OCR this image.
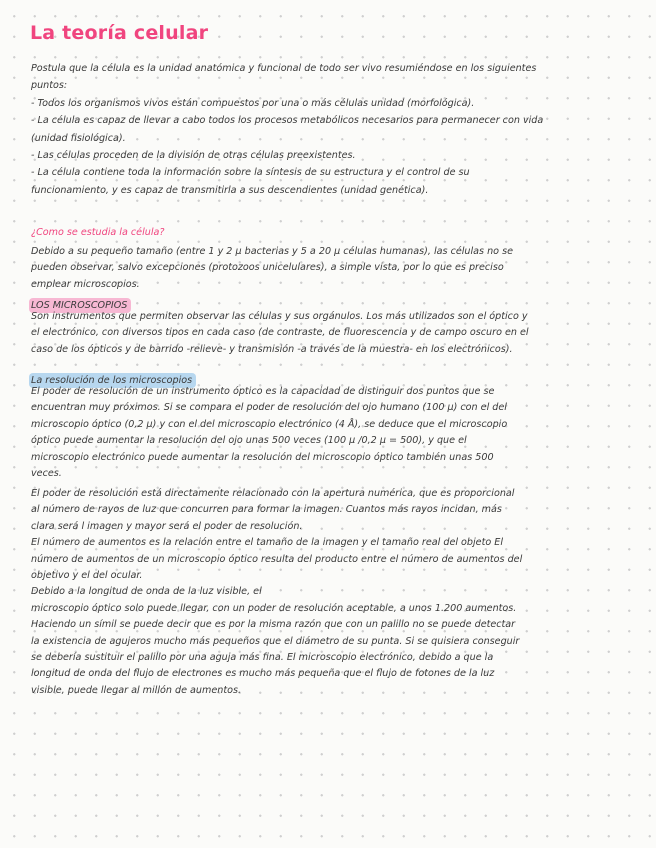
La teoría celular

Postula que la célula es la unidad anatómica y funcional de todo ser vivo resumiéndose en los siguientes

puntos:

- Todos los organismos vivos están compuestos por una o más células unidad (morfológica).

- La célula es capaz de llevar a cabo todos los procesos metabólicos necesarios para permanecer con vida

(unidad fisiológica).

- Las células proceden de la división de otras células preexistentes.

- La célula contiene toda la información sobre la síntesis de su estructura y el control de su

funcionamiento, y es capaz de transmitirla a sus descendientes (unidad genética).

¿Como se estudia la célula?

Debido a su pequeño tamaño (entre 1 y 2 µ bacterias y 5 a 20 µ células humanas), las células no se

pueden observar, salvo excepciones (protozoos unicelulares), a simple vista, por lo que es preciso

emplear microscopios.

LOS MICROSCOPIOS

Son instrumentos que permiten observar las células y sus orgánulos. Los más utilizados son el óptico y

el electrónico, con diversos tipos en cada caso (de contraste, de fluorescencia y de campo oscuro en el

caso de los ópticos y de barrido -relieve- y transmisión -a través de la muestra- en los electrónicos).

La resolución de los microscopios

El poder de resolución de un instrumento óptico es la capacidad de distinguir dos puntos que se

encuentran muy próximos. Si se compara el poder de resolución del ojo humano (100 µ) con el del

microscopio óptico (0,2 µ) y con el del microscopio electrónico (4 Å), se deduce que el microscopio

óptico puede aumentar la resolución del ojo unas 500 veces (100 µ /0,2 µ = 500), y que el

microscopio electrónico puede aumentar la resolución del microscopio óptico también unas 500

veces.

El poder de resolución está directamente relacionado con la apertura numérica, que es proporcional

al número de rayos de luz que concurren para formar la imagen. Cuantos más rayos incidan, más

clara será l imagen y mayor será el poder de resolución.

El número de aumentos es la relación entre el tamaño de la imagen y el tamaño real del objeto El

número de aumentos de un microscopio óptico resulta del producto entre el número de aumentos del

objetivo y el del ocular.

Debido a la longitud de onda de la luz visible, el

microscopio óptico solo puede llegar, con un poder de resolución aceptable, a unos 1.200 aumentos.

Haciendo un símil se puede decir que es por la misma razón que con un palillo no se puede detectar

la existencia de agujeros mucho más pequeños que el diámetro de su punta. Si se quisiera conseguir

se debería sustituir el palillo por una aguja más fina. El microscopio electrónico, debido a que la

longitud de onda del flujo de electrones es mucho más pequeña que el flujo de fotones de la luz

visible, puede llegar al millón de aumentos.
